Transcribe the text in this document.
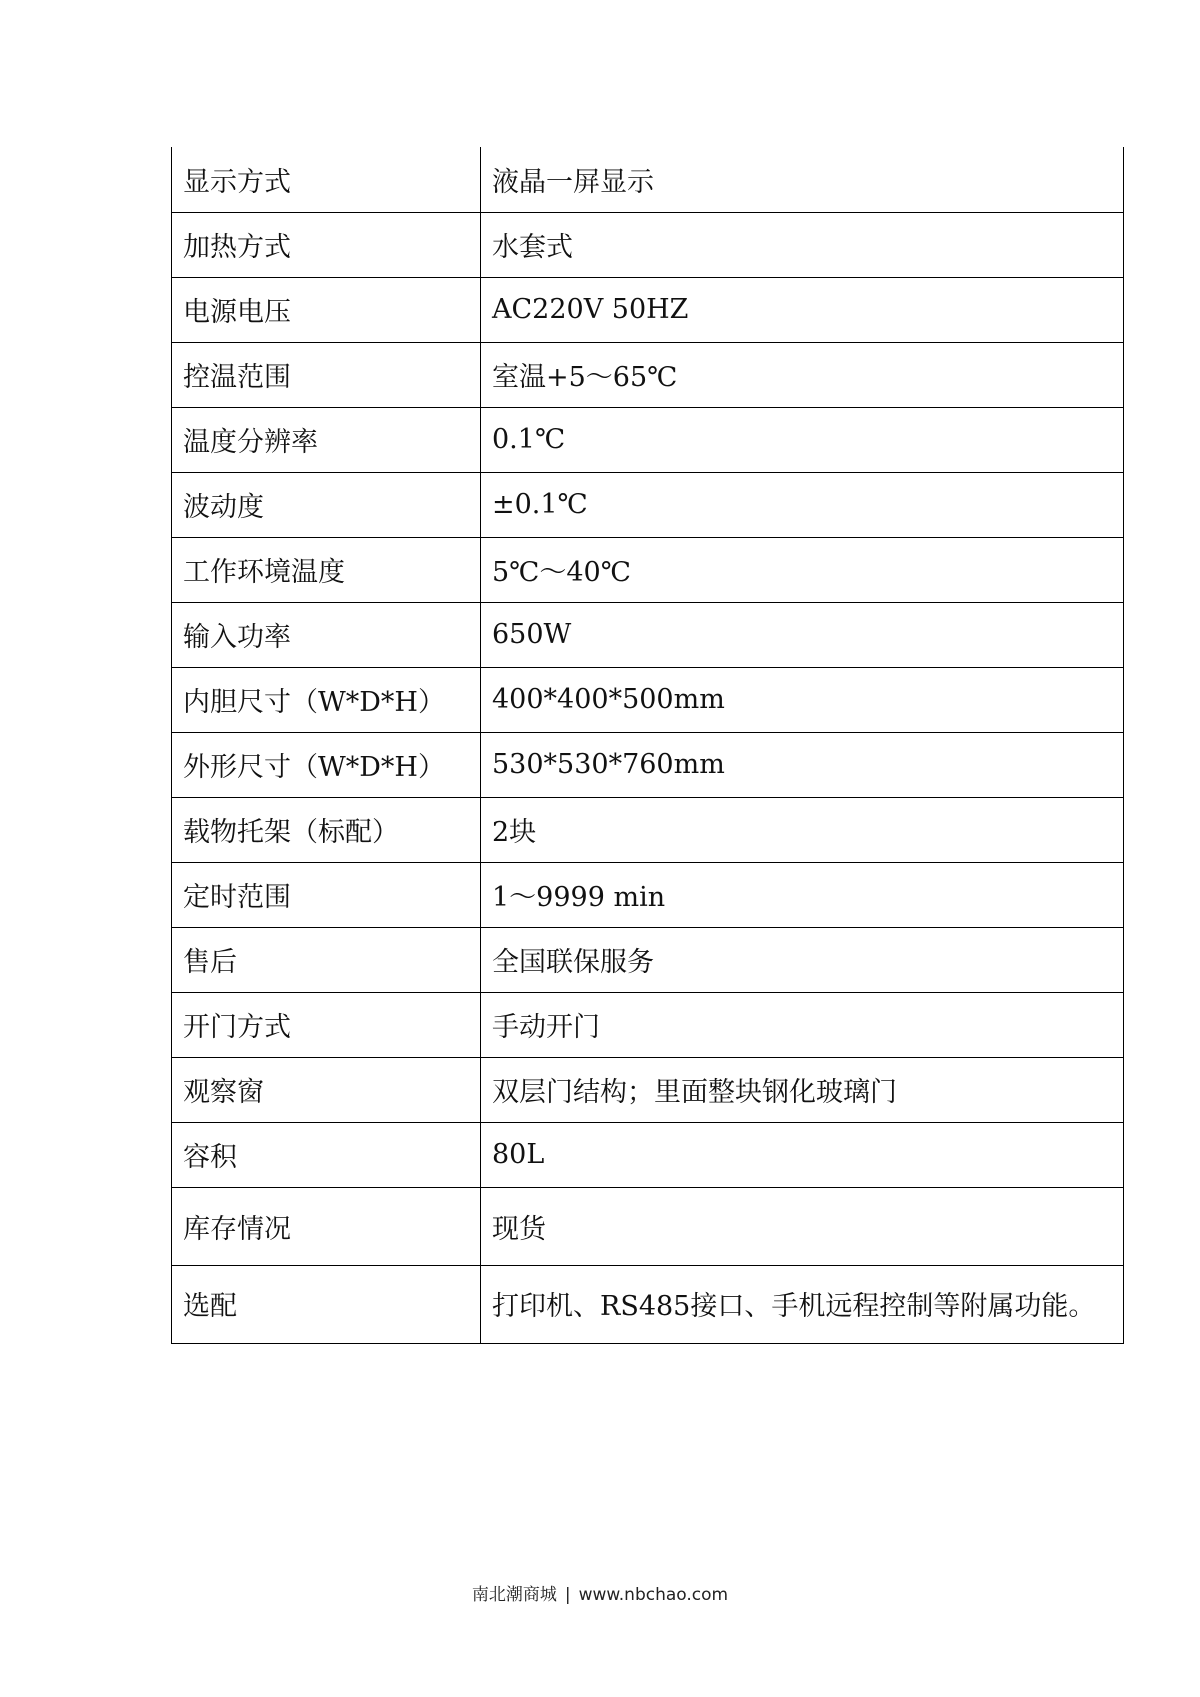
显示方式	液晶一屏显示
加热方式	水套式
电源电压	AC220V 50HZ
控温范围	室温+5～65℃
温度分辨率	0.1℃
波动度	±0.1℃
工作环境温度	5℃～40℃
输入功率	650W
内胆尺寸（W*D*H）	400*400*500mm
外形尺寸（W*D*H）	530*530*760mm
载物托架（标配）	2块
定时范围	1～9999 min
售后	全国联保服务
开门方式	手动开门
观察窗	双层门结构；里面整块钢化玻璃门
容积	80L
库存情况	现货
选配	打印机、RS485接口、手机远程控制等附属功能。
南北潮商城 | www.nbchao.com
